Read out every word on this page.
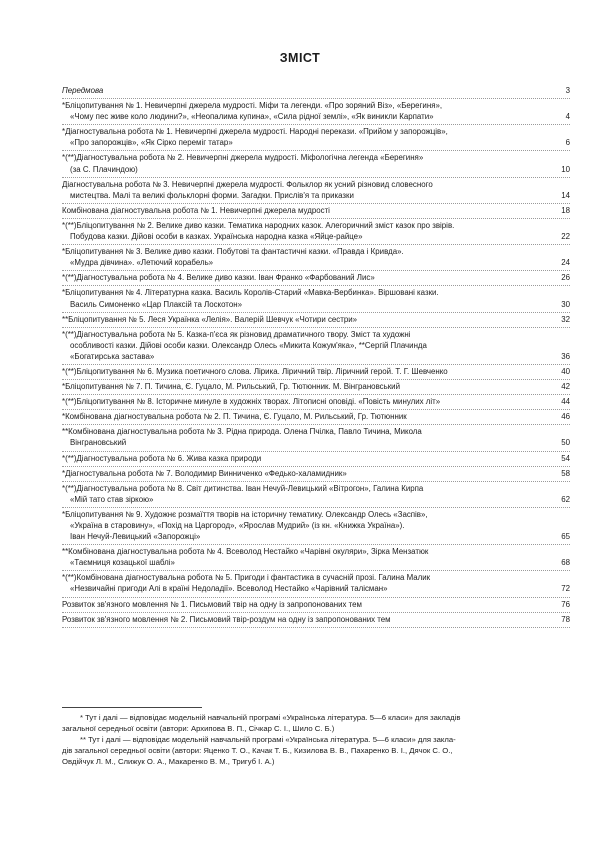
ЗМІСТ
Передмова	3
*Бліцопитування № 1. Невичерпні джерела мудрості. Міфи та легенди. «Про зоряний Віз», «Берегиня»,
«Чому пес живе коло людини?», «Неопалима купина», «Сила рідної землі», «Як виникли Карпати»	4
*Діагностувальна робота № 1. Невичерпні джерела мудрості. Народні перекази. «Прийом у запорожців»,
«Про запорожців», «Як Сірко переміг татар»	6
*(**)Діагностувальна робота № 2. Невичерпні джерела мудрості. Міфологічна легенда «Берегиня»
(за С. Плачиндою)	10
Діагностувальна робота № 3. Невичерпні джерела мудрості. Фольклор як усний різновид словесного
мистецтва. Малі та великі фольклорні форми. Загадки. Прислів'я та приказки	14
Комбінована діагностувальна робота № 1. Невичерпні джерела мудрості	18
*(**)Бліцопитування № 2. Велике диво казки. Тематика народних казок. Алегоричний зміст казок про звірів.
Побудова казки. Дійові особи в казках. Українська народна казка «Яйце-райце»	22
*Бліцопитування № 3. Велике диво казки. Побутові та фантастичні казки. «Правда і Кривда».
«Мудра дівчина». «Летючий корабель»	24
*(**)Діагностувальна робота № 4. Велике диво казки. Іван Франко «Фарбований Лис»	26
*Бліцопитування № 4. Літературна казка. Василь Королів-Старий «Мавка-Вербинка». Віршовані казки.
Василь Симоненко «Цар Плаксій та Лоскотон»	30
**Бліцопитування № 5. Леся Українка «Лелія». Валерій Шевчук «Чотири сестри»	32
*(**)Діагностувальна робота № 5. Казка-п'єса як різновид драматичного твору. Зміст та художні
особливості казки. Дійові особи казки. Олександр Олесь «Микита Кожум'яка», **Сергій Плачинда
«Богатирська застава»	36
*(**)Бліцопитування № 6. Музика поетичного слова. Лірика. Ліричний твір. Ліричний герой. Т. Г. Шевченко	40
*Бліцопитування № 7. П. Тичина, Є. Гуцало, М. Рильський, Гр. Тютюнник. М. Вінграновський	42
*(**)Бліцопитування № 8. Історичне минуле в художніх творах. Літописні оповіді. «Повість минулих літ»	44
*Комбінована діагностувальна робота № 2. П. Тичина, Є. Гуцало, М. Рильський, Гр. Тютюнник	46
**Комбінована діагностувальна робота № 3. Рідна природа. Олена Пчілка, Павло Тичина, Микола
Вінграновський	50
*(**)Діагностувальна робота № 6. Жива казка природи	54
*Діагностувальна робота № 7. Володимир Винниченко «Федько-халамидник»	58
*(**)Діагностувальна робота № 8. Світ дитинства. Іван Нечуй-Левицький «Вітрогон», Галина Кирпа
«Мій тато став зіркою»	62
*Бліцопитування № 9. Художнє розмаїття творів на історичну тематику. Олександр Олесь «Заспів»,
«Україна в старовину», «Похід на Царгород», «Ярослав Мудрий» (із кн. «Книжка Україна»).
Іван Нечуй-Левицький «Запорожці»	65
**Комбінована діагностувальна робота № 4. Всеволод Нестайко «Чарівні окуляри», Зірка Мензатюк
«Таємниця козацької шаблі»	68
*(**)Комбінована діагностувальна робота № 5. Пригоди і фантастика в сучасній прозі. Галина Малик
«Незвичайні пригоди Алі в країні Недоладії». Всеволод Нестайко «Чарівний талісман»	72
Розвиток зв'язного мовлення № 1. Письмовий твір на одну із запропонованих тем	76
Розвиток зв'язного мовлення № 2. Письмовий твір-роздум на одну із запропонованих тем	78
* Тут і далі — відповідає модельній навчальній програмі «Українська література. 5—6 класи» для закладів
загальної середньої освіти (автори: Архипова В. П., Січкар С. І., Шило С. Б.)
** Тут і далі — відповідає модельній навчальній програмі «Українська література. 5—6 класи» для закла-
дів загальної середньої освіти (автори: Яценко Т. О., Качак Т. Б., Кизилова В. В., Пахаренко В. І., Дячок С. О.,
Овдійчук Л. М., Слижук О. А., Макаренко В. М., Тригуб І. А.)
